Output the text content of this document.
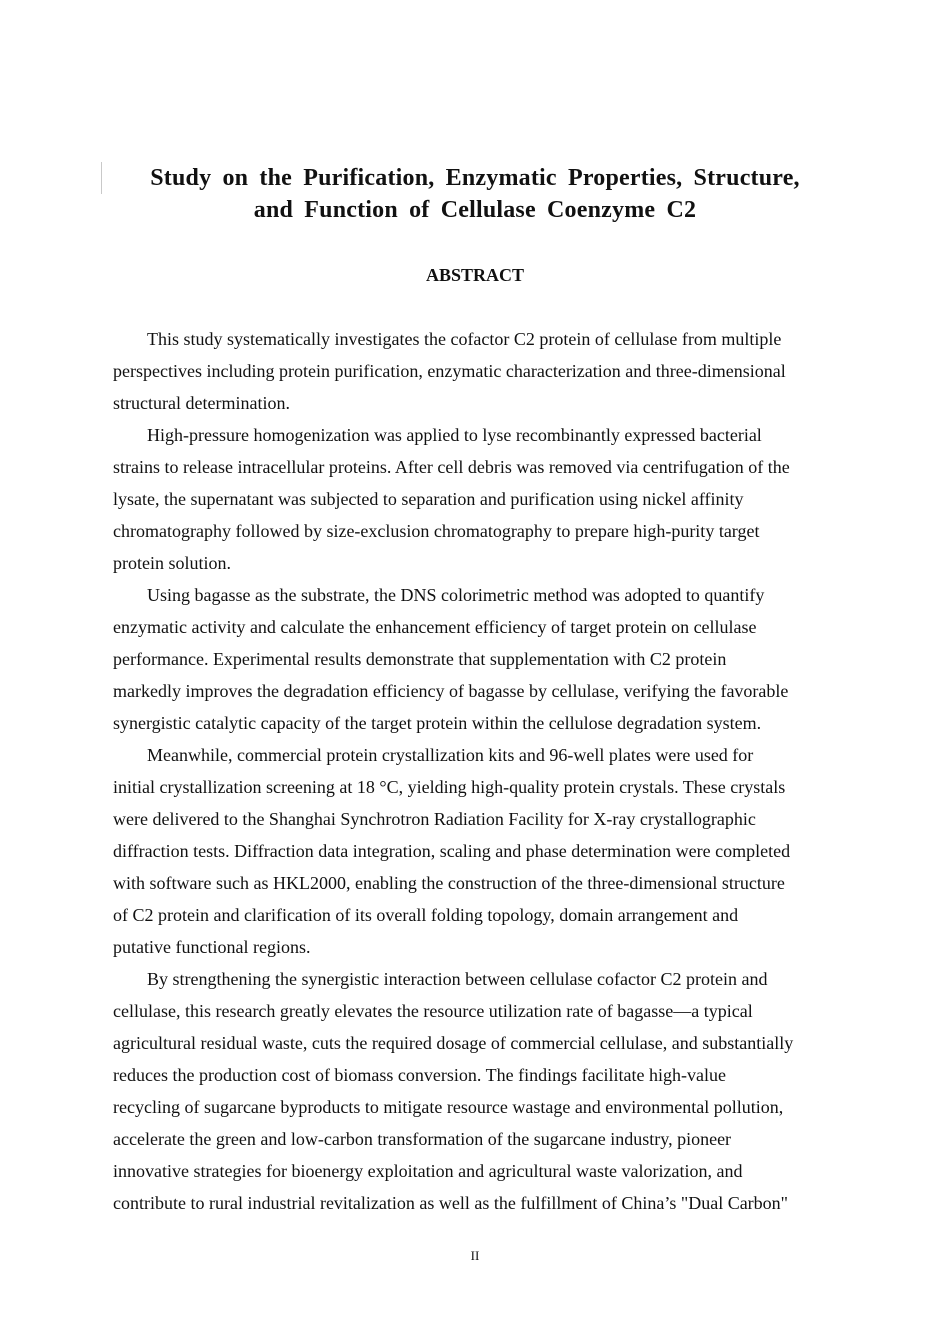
Study on the Purification, Enzymatic Properties, Structure,
and Function of Cellulase Coenzyme C2
ABSTRACT

This study systematically investigates the cofactor C2 protein of cellulase from multiple
perspectives including protein purification, enzymatic characterization and three-dimensional
structural determination.

High-pressure homogenization was applied to lyse recombinantly expressed bacterial
strains to release intracellular proteins. After cell debris was removed via centrifugation of the
lysate, the supernatant was subjected to separation and purification using nickel affinity
chromatography followed by size-exclusion chromatography to prepare high-purity target
protein solution.

Using bagasse as the substrate, the DNS colorimetric method was adopted to quantify
enzymatic activity and calculate the enhancement efficiency of target protein on cellulase
performance. Experimental results demonstrate that supplementation with C2 protein
markedly improves the degradation efficiency of bagasse by cellulase, verifying the favorable
synergistic catalytic capacity of the target protein within the cellulose degradation system.

Meanwhile, commercial protein crystallization kits and 96-well plates were used for
initial crystallization screening at 18 °C, yielding high-quality protein crystals. These crystals
were delivered to the Shanghai Synchrotron Radiation Facility for X-ray crystallographic
diffraction tests. Diffraction data integration, scaling and phase determination were completed
with software such as HKL2000, enabling the construction of the three-dimensional structure
of C2 protein and clarification of its overall folding topology, domain arrangement and
putative functional regions.

By strengthening the synergistic interaction between cellulase cofactor C2 protein and
cellulase, this research greatly elevates the resource utilization rate of bagasse—a typical
agricultural residual waste, cuts the required dosage of commercial cellulase, and substantially
reduces the production cost of biomass conversion. The findings facilitate high-value
recycling of sugarcane byproducts to mitigate resource wastage and environmental pollution,
accelerate the green and low-carbon transformation of the sugarcane industry, pioneer
innovative strategies for bioenergy exploitation and agricultural waste valorization, and
contribute to rural industrial revitalization as well as the fulfillment of China’s "Dual Carbon"

II
